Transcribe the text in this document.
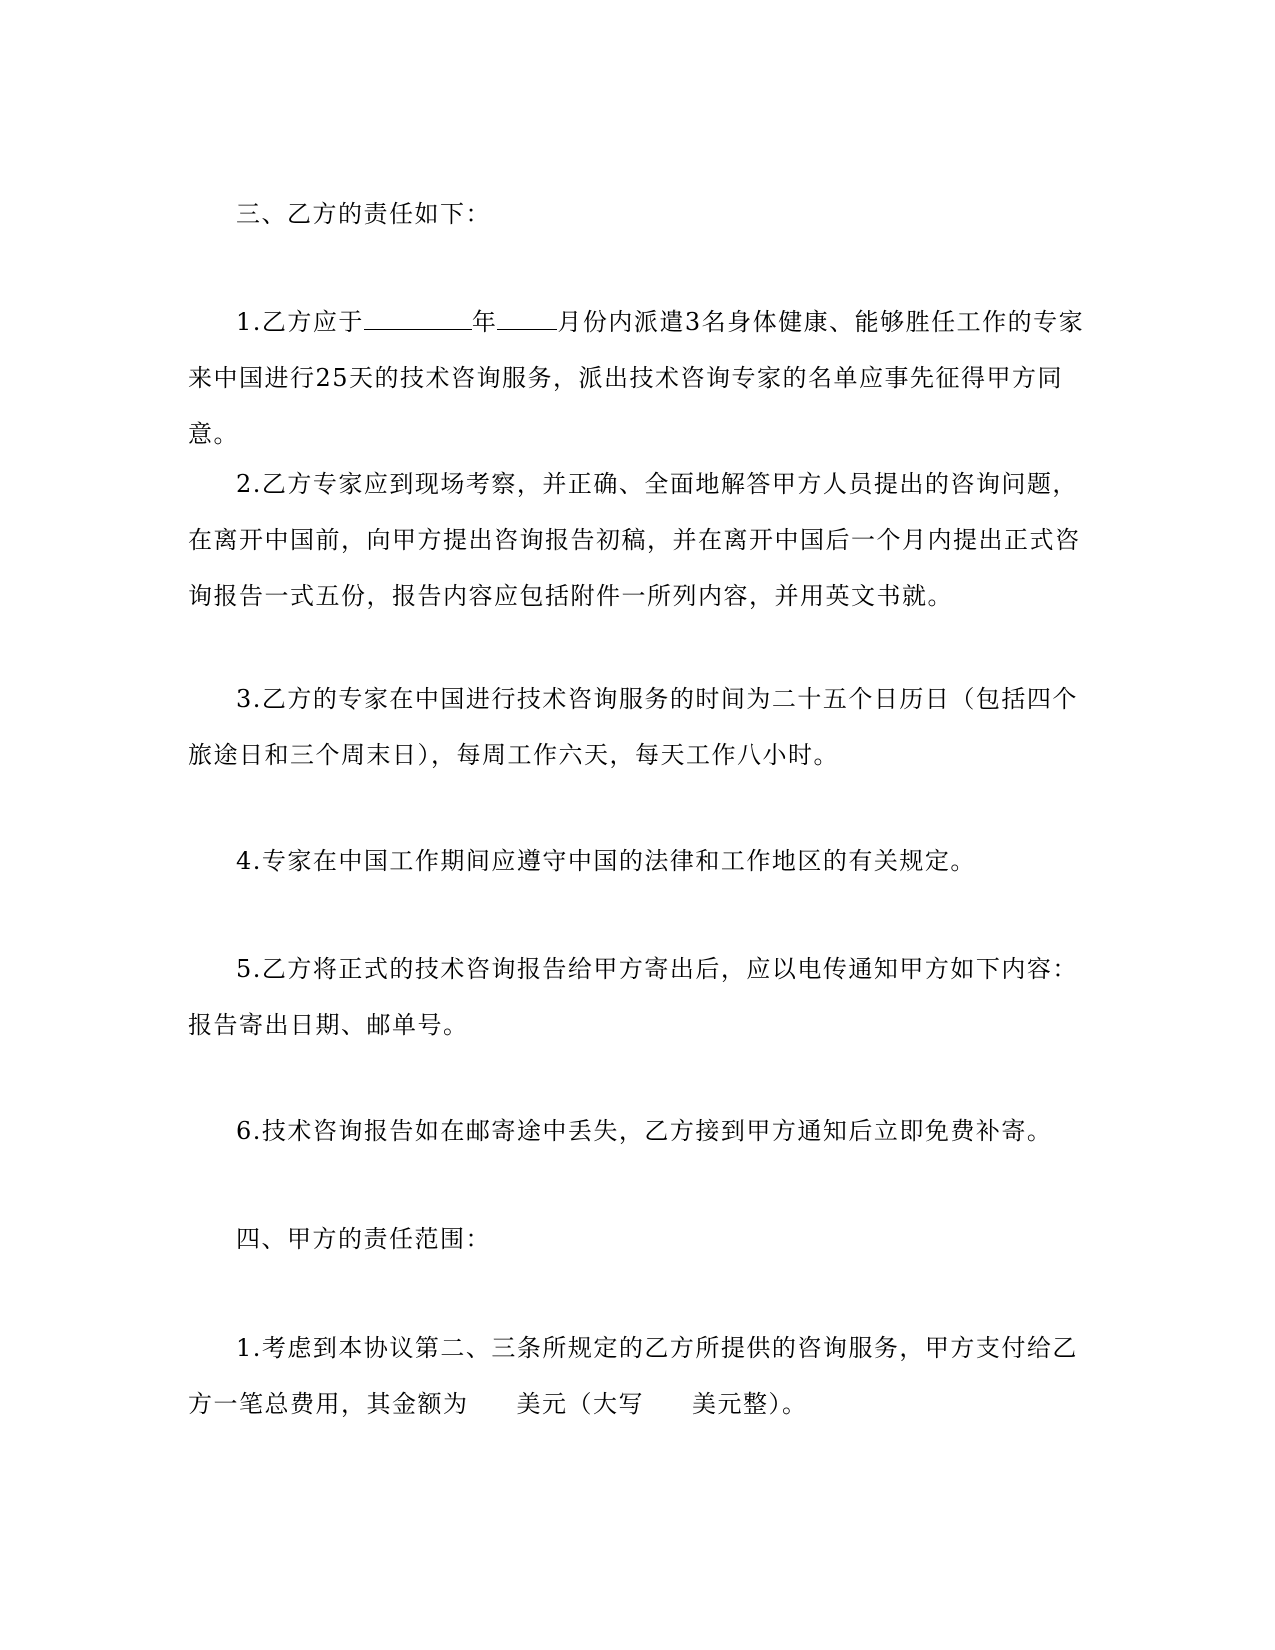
三、乙方的责任如下：

1.乙方应于	年	月份内派遣3名身体健康、能够胜任工作的专家来中国进行25天的技术咨询服务，派出技术咨询专家的名单应事先征得甲方同意。

2.乙方专家应到现场考察，并正确、全面地解答甲方人员提出的咨询问题，在离开中国前，向甲方提出咨询报告初稿，并在离开中国后一个月内提出正式咨询报告一式五份，报告内容应包括附件一所列内容，并用英文书就。

3.乙方的专家在中国进行技术咨询服务的时间为二十五个日历日（包括四个旅途日和三个周末日），每周工作六天，每天工作八小时。

4.专家在中国工作期间应遵守中国的法律和工作地区的有关规定。

5.乙方将正式的技术咨询报告给甲方寄出后，应以电传通知甲方如下内容：报告寄出日期、邮单号。

6.技术咨询报告如在邮寄途中丢失，乙方接到甲方通知后立即免费补寄。

四、甲方的责任范围：

1.考虑到本协议第二、三条所规定的乙方所提供的咨询服务，甲方支付给乙方一笔总费用，其金额为 美元（大写 美元整）。
